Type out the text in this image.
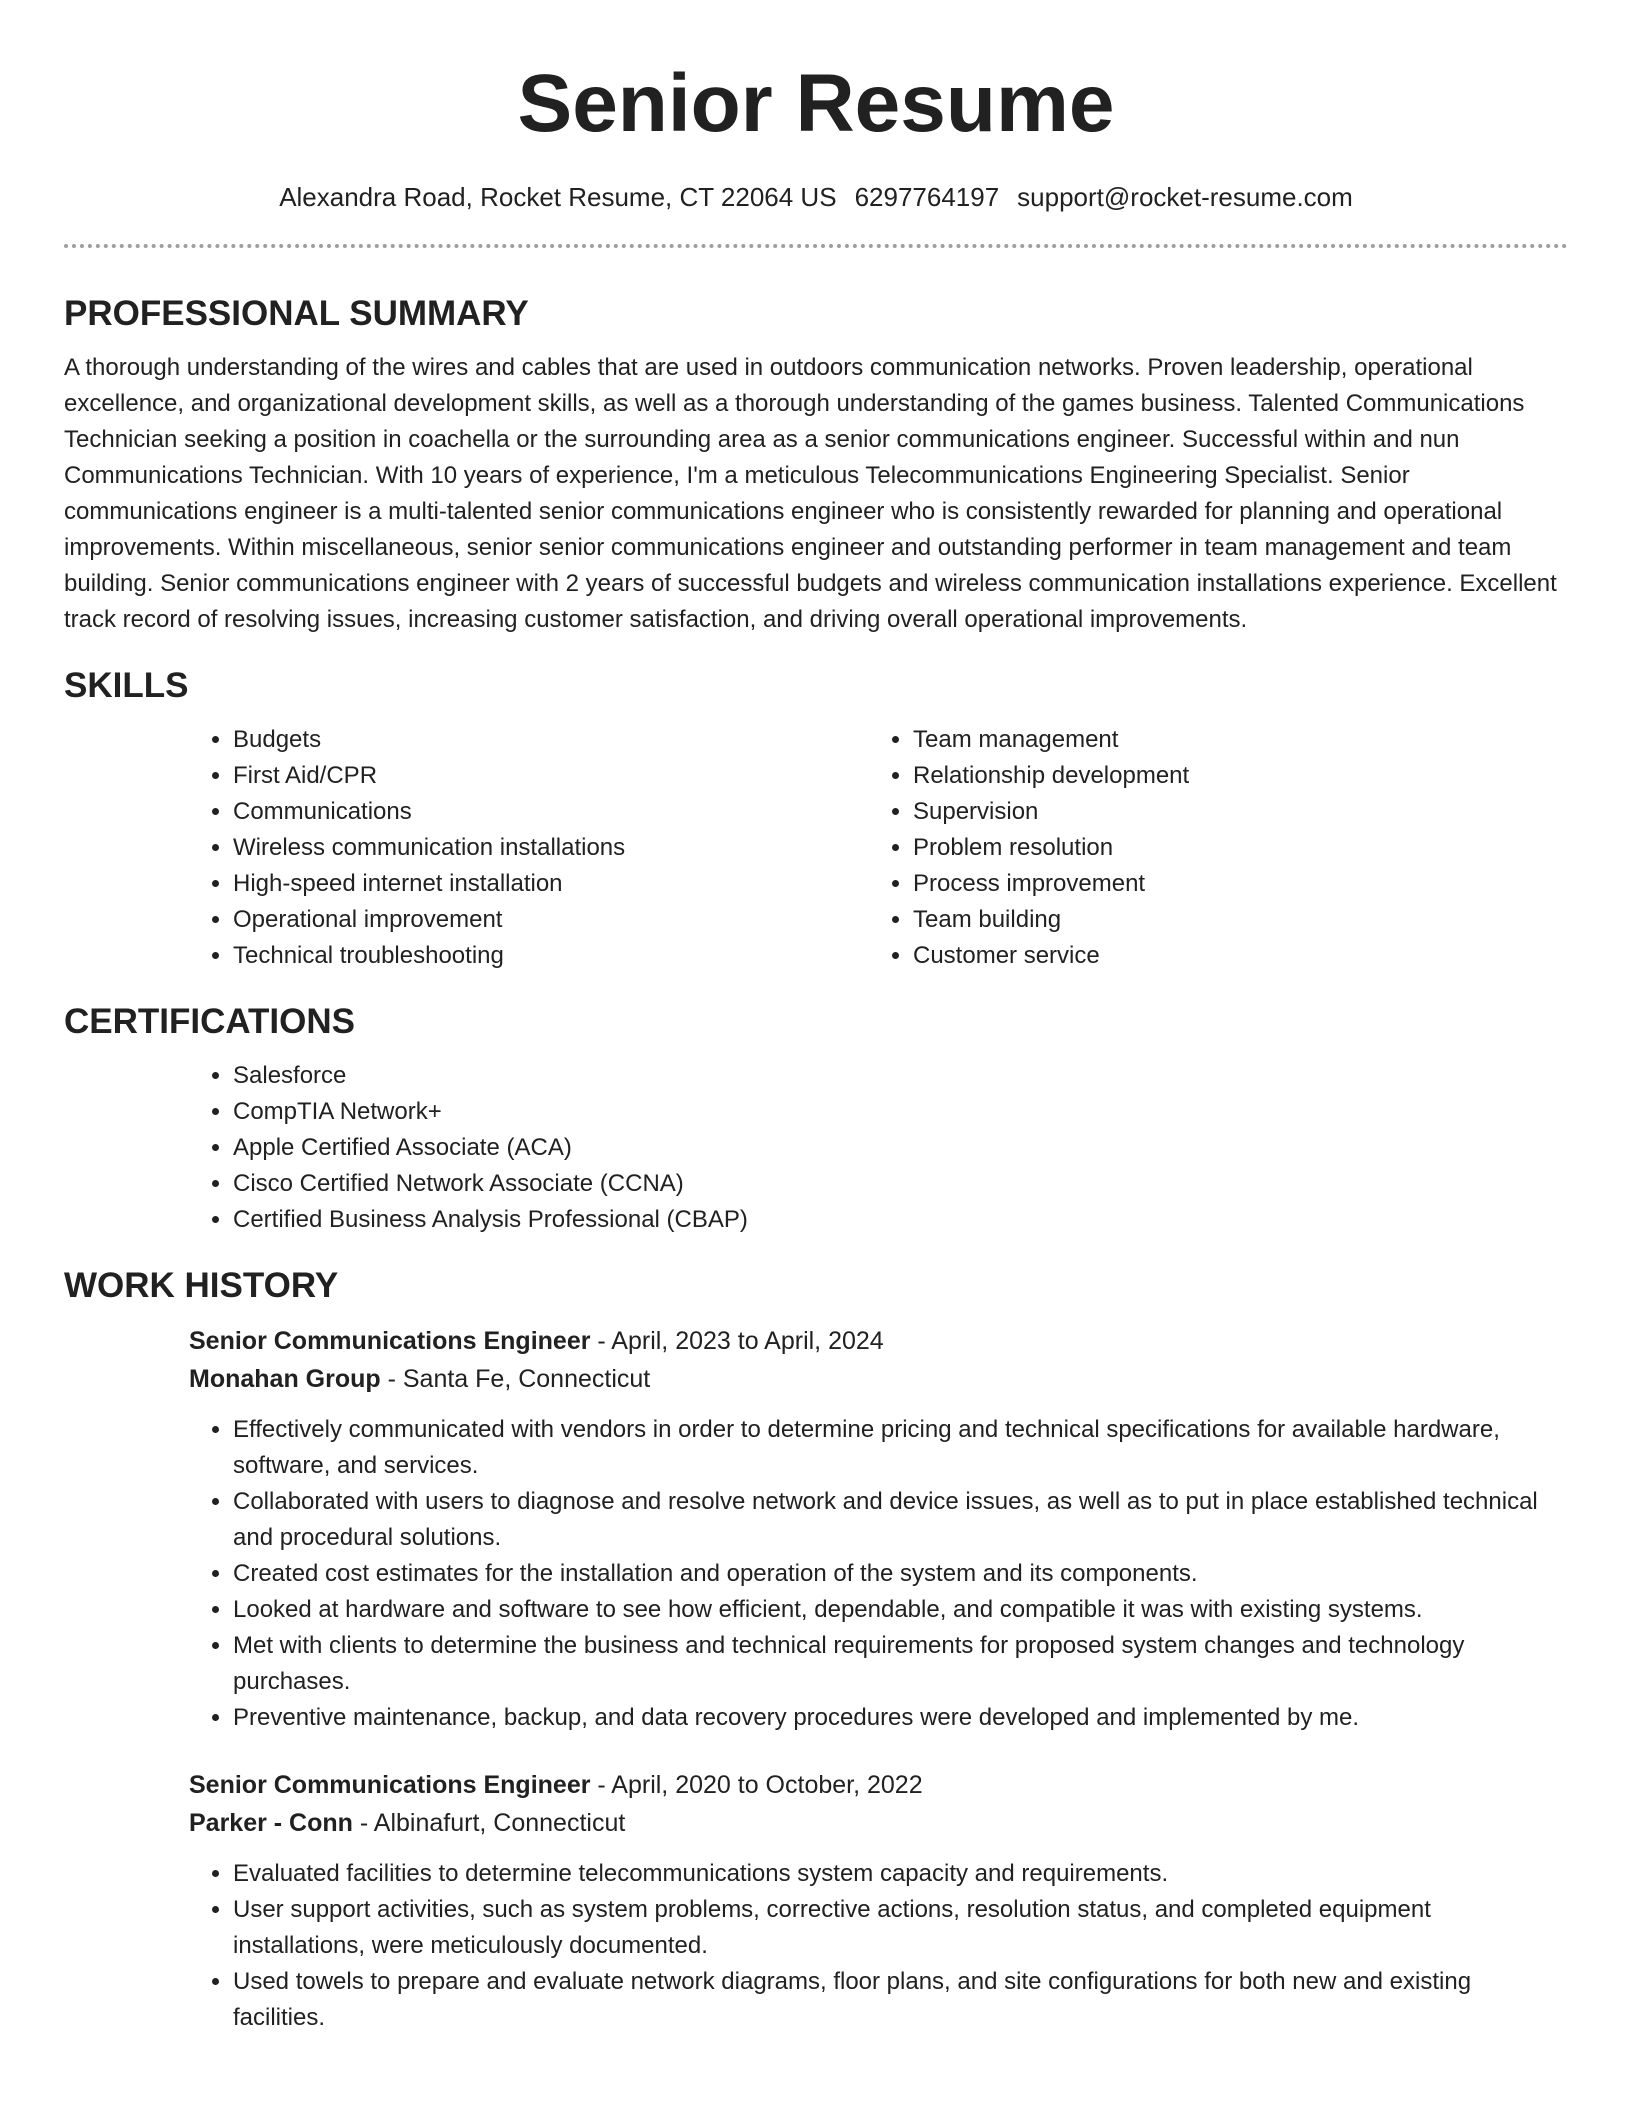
Senior Resume
Alexandra Road, Rocket Resume, CT 22064 US 6297764197 support@rocket-resume.com
PROFESSIONAL SUMMARY

A thorough understanding of the wires and cables that are used in outdoors communication networks. Proven leadership, operational excellence, and organizational development skills, as well as a thorough understanding of the games business. Talented Communications Technician seeking a position in coachella or the surrounding area as a senior communications engineer. Successful within and nun Communications Technician. With 10 years of experience, I'm a meticulous Telecommunications Engineering Specialist. Senior communications engineer is a multi-talented senior communications engineer who is consistently rewarded for planning and operational improvements. Within miscellaneous, senior senior communications engineer and outstanding performer in team management and team building. Senior communications engineer with 2 years of successful budgets and wireless communication installations experience. Excellent track record of resolving issues, increasing customer satisfaction, and driving overall operational improvements.

SKILLS
• Budgets
• First Aid/CPR
• Communications
• Wireless communication installations
• High-speed internet installation
• Operational improvement
• Technical troubleshooting
• Team management
• Relationship development
• Supervision
• Problem resolution
• Process improvement
• Team building
• Customer service
CERTIFICATIONS
• Salesforce
• CompTIA Network+
• Apple Certified Associate (ACA)
• Cisco Certified Network Associate (CCNA)
• Certified Business Analysis Professional (CBAP)
WORK HISTORY
Senior Communications Engineer - April, 2023 to April, 2024
Monahan Group - Santa Fe, Connecticut
• Effectively communicated with vendors in order to determine pricing and technical specifications for available hardware, software, and services.
• Collaborated with users to diagnose and resolve network and device issues, as well as to put in place established technical and procedural solutions.
• Created cost estimates for the installation and operation of the system and its components.
• Looked at hardware and software to see how efficient, dependable, and compatible it was with existing systems.
• Met with clients to determine the business and technical requirements for proposed system changes and technology purchases.
• Preventive maintenance, backup, and data recovery procedures were developed and implemented by me.
Senior Communications Engineer - April, 2020 to October, 2022
Parker - Conn - Albinafurt, Connecticut
• Evaluated facilities to determine telecommunications system capacity and requirements.
• User support activities, such as system problems, corrective actions, resolution status, and completed equipment installations, were meticulously documented.
• Used towels to prepare and evaluate network diagrams, floor plans, and site configurations for both new and existing facilities.
